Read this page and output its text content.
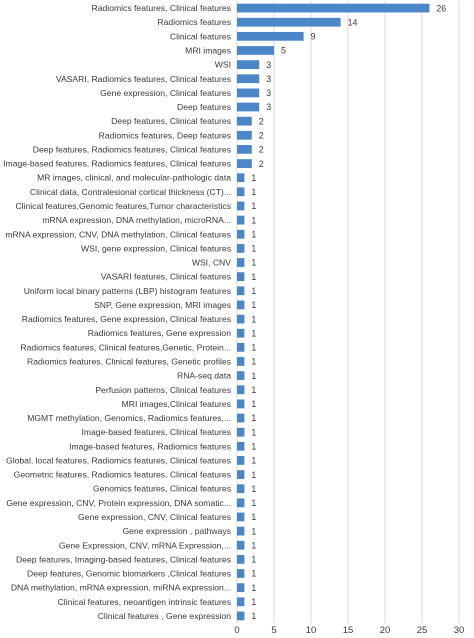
Radiomics features, Clinical features
Radiomics features
Clinical features
MRI images
WSI
VASARI, Radiomics features, Clinical features
Gene expression, Clinical features
Deep features
Deep features, Clinical features
Radiomics features, Deep features
Deep features, Radiomics features, Clinical features
Image-based features, Radiomics features, Clinical features
MR images, clinical, and molecular-pathologic data
Clinical data, Contralesional cortical thickness (CT)...
Clinical features,Genomic features,Tumor characteristics
mRNA expression, DNA methylation, microRNA...
mRNA expression, CNV, DNA methylation, Clinical features
WSI, gene expression, Clinical features
WSI, CNV
VASARI features, Clinical features
Uniform local binary patterns (LBP) histogram features
SNP, Gene expression, MRI images
Radiomics features, Gene expression, Clinical features
Radiomics features, Gene expression
Radiomics features, Clinical features,Genetic, Protein...
Radiomics features, Clinical features, Genetic profiles
RNA-seq data
Perfusion patterns, Clinical features
MRI images,Clinical features
MGMT methylation, Genomics, Radiomics features,...
Image-based features, Clinical features
Image-based features, Radiomics features
Global, local features, Radiomics features, Clinical features
Geometric features, Radiomics features, Clinical features
Genomics features, Clinical features
Gene expression, CNV, Protein expression, DNA somatic...
Gene expression, CNV, Clinical features
Gene expression , pathways
Gene Expression, CNV, mRNA Expression,...
Deep features, Imaging-based features, Clinical features
Deep features, Genomic biomarkers ,Clinical features
DNA methylation, mRNA expression, miRNA expression...
Clinical features, neoantigen intrinsic features
Clinical features , Gene expression
26
14
9
5
3
3
3
3
2
2
2
2
1
1
1
1
1
1
1
1
1
1
1
1
1
1
1
1
1
1
1
1
1
1
1
1
1
1
1
1
1
1
1
1
0	5	10	15	20	25	30
